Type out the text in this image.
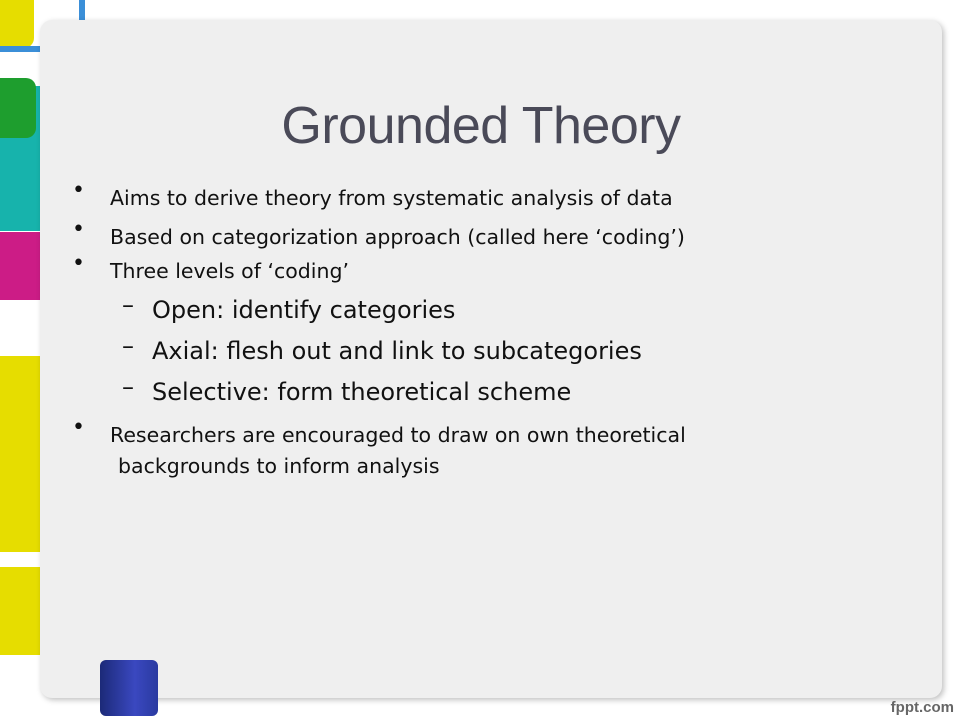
Grounded Theory
• Aims to derive theory from systematic analysis of data
• Based on categorization approach (called here ‘coding’)
• Three levels of ‘coding’
– Open: identify categories
– Axial: flesh out and link to subcategories
– Selective: form theoretical scheme
• Researchers are encouraged to draw on own theoretical
backgrounds to inform analysis
fppt.com
